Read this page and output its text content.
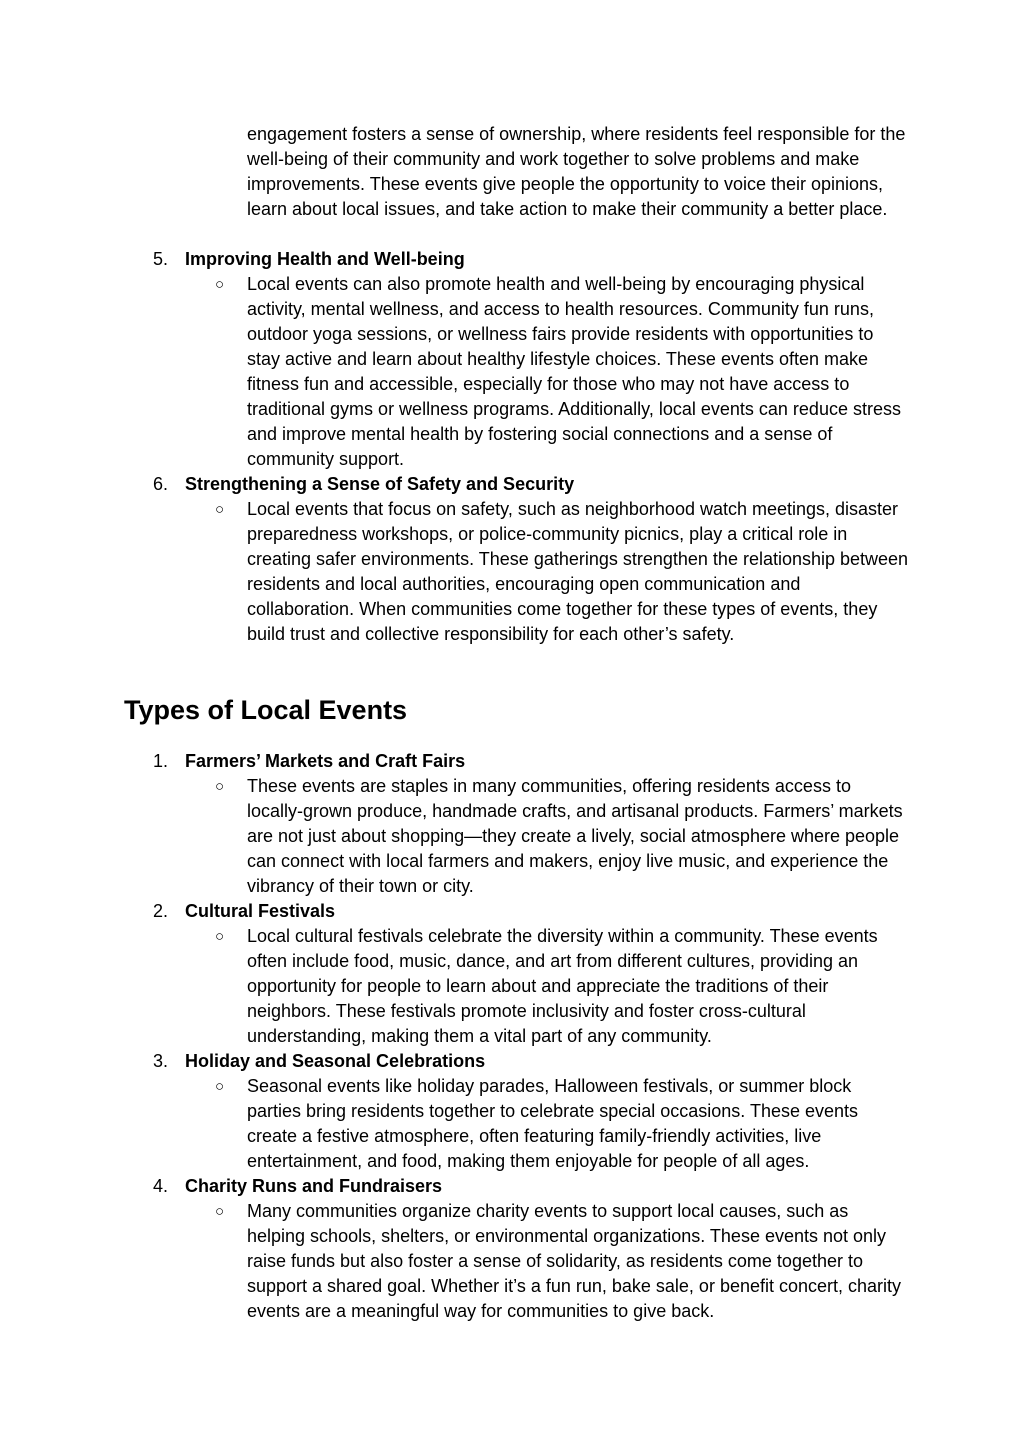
engagement fosters a sense of ownership, where residents feel responsible for the well-being of their community and work together to solve problems and make improvements. These events give people the opportunity to voice their opinions, learn about local issues, and take action to make their community a better place.
5. Improving Health and Well-being
○ Local events can also promote health and well-being by encouraging physical activity, mental wellness, and access to health resources. Community fun runs, outdoor yoga sessions, or wellness fairs provide residents with opportunities to stay active and learn about healthy lifestyle choices. These events often make fitness fun and accessible, especially for those who may not have access to traditional gyms or wellness programs. Additionally, local events can reduce stress and improve mental health by fostering social connections and a sense of community support.
6. Strengthening a Sense of Safety and Security
○ Local events that focus on safety, such as neighborhood watch meetings, disaster preparedness workshops, or police-community picnics, play a critical role in creating safer environments. These gatherings strengthen the relationship between residents and local authorities, encouraging open communication and collaboration. When communities come together for these types of events, they build trust and collective responsibility for each other’s safety.
Types of Local Events
1. Farmers’ Markets and Craft Fairs
○ These events are staples in many communities, offering residents access to locally-grown produce, handmade crafts, and artisanal products. Farmers’ markets are not just about shopping—they create a lively, social atmosphere where people can connect with local farmers and makers, enjoy live music, and experience the vibrancy of their town or city.
2. Cultural Festivals
○ Local cultural festivals celebrate the diversity within a community. These events often include food, music, dance, and art from different cultures, providing an opportunity for people to learn about and appreciate the traditions of their neighbors. These festivals promote inclusivity and foster cross-cultural understanding, making them a vital part of any community.
3. Holiday and Seasonal Celebrations
○ Seasonal events like holiday parades, Halloween festivals, or summer block parties bring residents together to celebrate special occasions. These events create a festive atmosphere, often featuring family-friendly activities, live entertainment, and food, making them enjoyable for people of all ages.
4. Charity Runs and Fundraisers
○ Many communities organize charity events to support local causes, such as helping schools, shelters, or environmental organizations. These events not only raise funds but also foster a sense of solidarity, as residents come together to support a shared goal. Whether it’s a fun run, bake sale, or benefit concert, charity events are a meaningful way for communities to give back.
